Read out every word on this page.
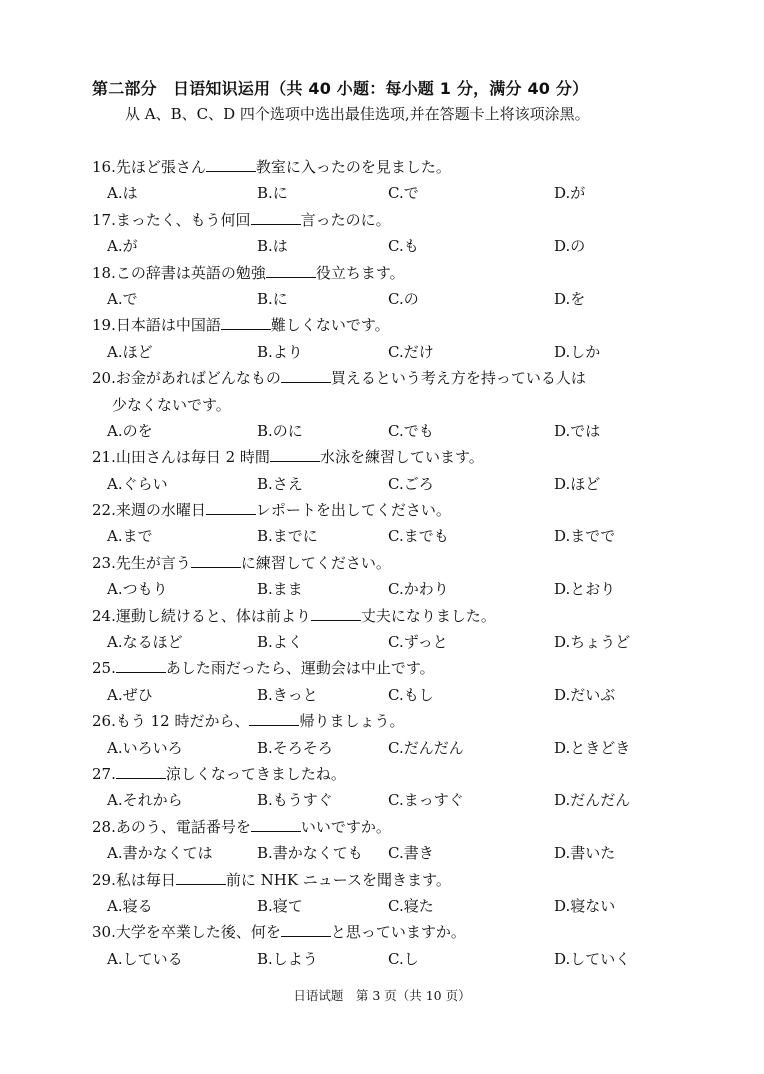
第二部分　日语知识运用（共 40 小题：每小题 1 分，满分 40 分）
从 A、B、C、D 四个选项中选出最佳选项,并在答题卡上将该项涂黑。
16.先ほど張さん	教室に入ったのを見ました。
A.は	B.に	C.で	D.が
17.まったく、もう何回	言ったのに。
A.が	B.は	C.も	D.の
18.この辞書は英語の勉強	役立ちます。
A.で	B.に	C.の	D.を
19.日本語は中国語	難しくないです。
A.ほど	B.より	C.だけ	D.しか
20.お金があればどんなもの	買えるという考え方を持っている人は
少なくないです。
A.のを	B.のに	C.でも	D.では
21.山田さんは毎日 2 時間	水泳を練習しています。
A.ぐらい	B.さえ	C.ごろ	D.ほど
22.来週の水曜日	レポートを出してください。
A.まで	B.までに	C.までも	D.までで
23.先生が言う	に練習してください。
A.つもり	B.まま	C.かわり	D.とおり
24.運動し続けると、体は前より	丈夫になりました。
A.なるほど	B.よく	C.ずっと	D.ちょうど
25.	あした雨だったら、運動会は中止です。
A.ぜひ	B.きっと	C.もし	D.だいぶ
26.もう 12 時だから、	帰りましょう。
A.いろいろ	B.そろそろ	C.だんだん	D.ときどき
27.	涼しくなってきましたね。
A.それから	B.もうすぐ	C.まっすぐ	D.だんだん
28.あのう、電話番号を	いいですか。
A.書かなくては	B.書かなくても C.書き	D.書いた
29.私は毎日	前に NHK ニュースを聞きます。
A.寝る	B.寝て	C.寝た	D.寝ない
30.大学を卒業した後、何を	と思っていますか。
A.している	B.しよう	C.し	D.していく
日语试题　第 3 页（共 10 页）
